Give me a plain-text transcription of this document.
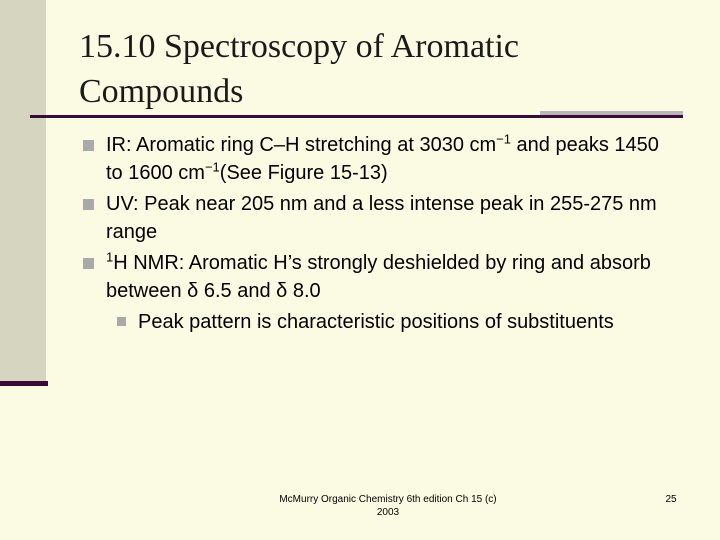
15.10 Spectroscopy of Aromatic Compounds
IR: Aromatic ring C–H stretching at 3030 $cm^{-1}$ and peaks 1450 to 1600 $cm^{-1}(See$ Figure 15-13)
UV: Peak near 205 nm and a less intense peak in 255-275 nm range
$^1$H NMR: Aromatic H’s strongly deshielded by ring and absorb between δ 6.5 and δ 8.0
Peak pattern is characteristic positions of substituents
McMurry Organic Chemistry 6th edition Ch 15 (c) 2003
25
